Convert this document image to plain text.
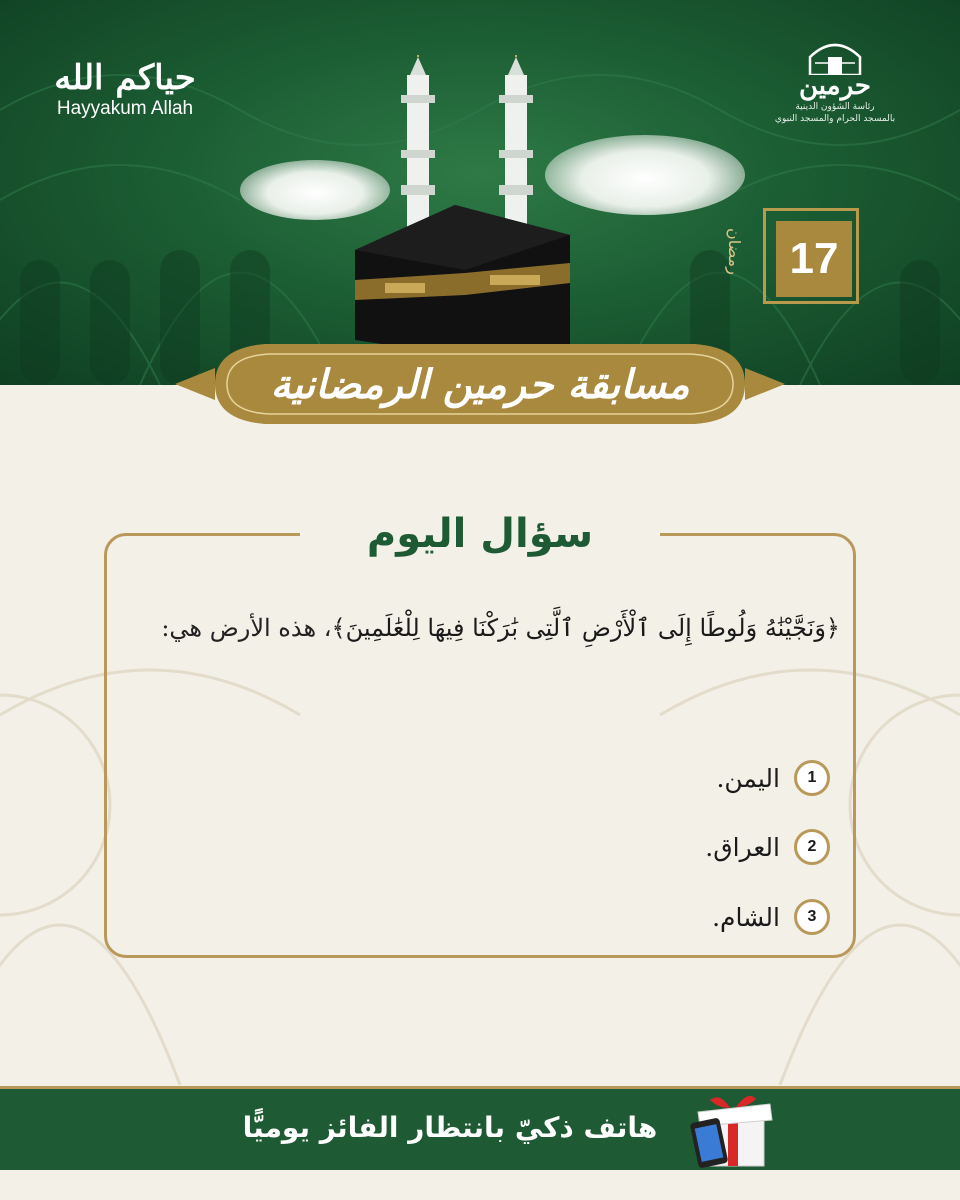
حياكم الله
Hayyakum Allah
حرمين
رئاسة الشؤون الدينية
بالمسجد الحرام والمسجد النبوي
17
رمضان
مسابقة حرمين الرمضانية
سؤال اليوم
﴿وَنَجَّيْنَٰهُ وَلُوطًا إِلَى ٱلْأَرْضِ ٱلَّتِى بَٰرَكْنَا فِيهَا لِلْعَٰلَمِينَ﴾، هذه الأرض هي:
1
اليمن.
2
العراق.
3
الشام.
هاتف ذكيّ بانتظار الفائز يوميًّا
